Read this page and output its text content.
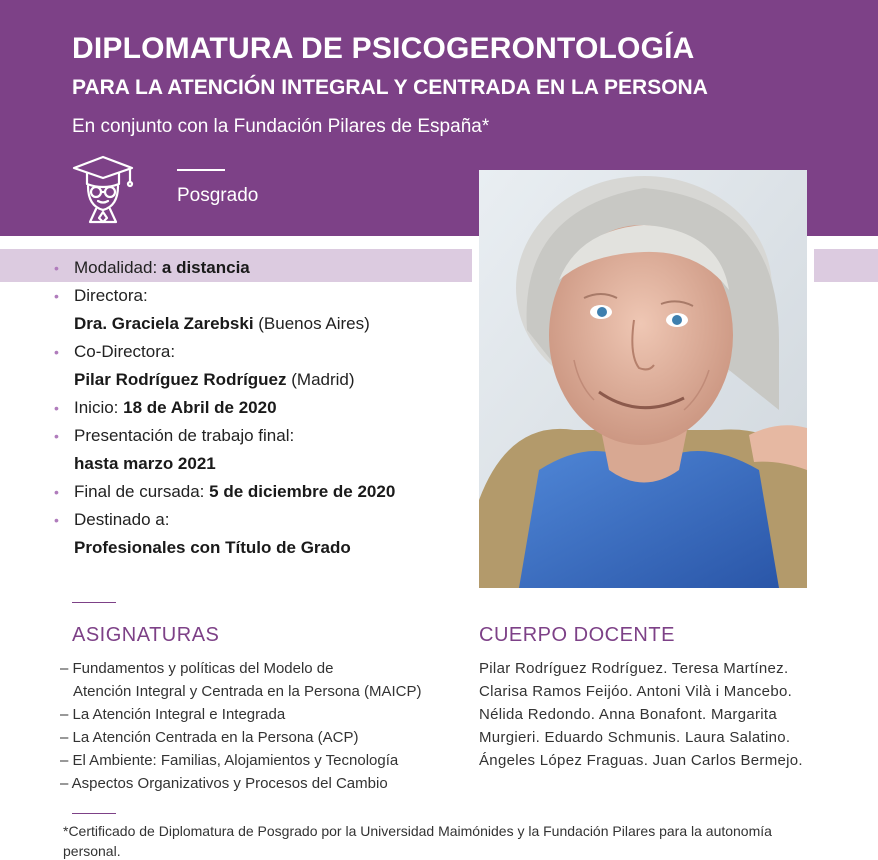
DIPLOMATURA DE PSICOGERONTOLOGÍA
PARA LA ATENCIÓN INTEGRAL Y CENTRADA EN LA PERSONA
En conjunto con la Fundación Pilares de España*
Posgrado
• Modalidad: a distancia
• Directora:
Dra. Graciela Zarebski (Buenos Aires)
• Co-Directora:
Pilar Rodríguez Rodríguez (Madrid)
• Inicio: 18 de Abril de 2020
• Presentación de trabajo final:
hasta marzo 2021
• Final de cursada: 5 de diciembre de 2020
• Destinado a:
Profesionales con Título de Grado
ASIGNATURAS
– Fundamentos y políticas del Modelo de
Atención Integral y Centrada en la Persona (MAICP)
– La Atención Integral e Integrada
– La Atención Centrada en la Persona (ACP)
– El Ambiente: Familias, Alojamientos y Tecnología
– Aspectos Organizativos y Procesos del Cambio
CUERPO DOCENTE
Pilar Rodríguez Rodríguez. Teresa Martínez. Clarisa Ramos Feijóo. Antoni Vilà i Mancebo. Nélida Redondo. Anna Bonafont. Margarita Murgieri. Eduardo Schmunis. Laura Salatino. Ángeles López Fraguas. Juan Carlos Bermejo.
*Certificado de Diplomatura de Posgrado por la Universidad Maimónides y la Fundación Pilares para la autonomía personal.
